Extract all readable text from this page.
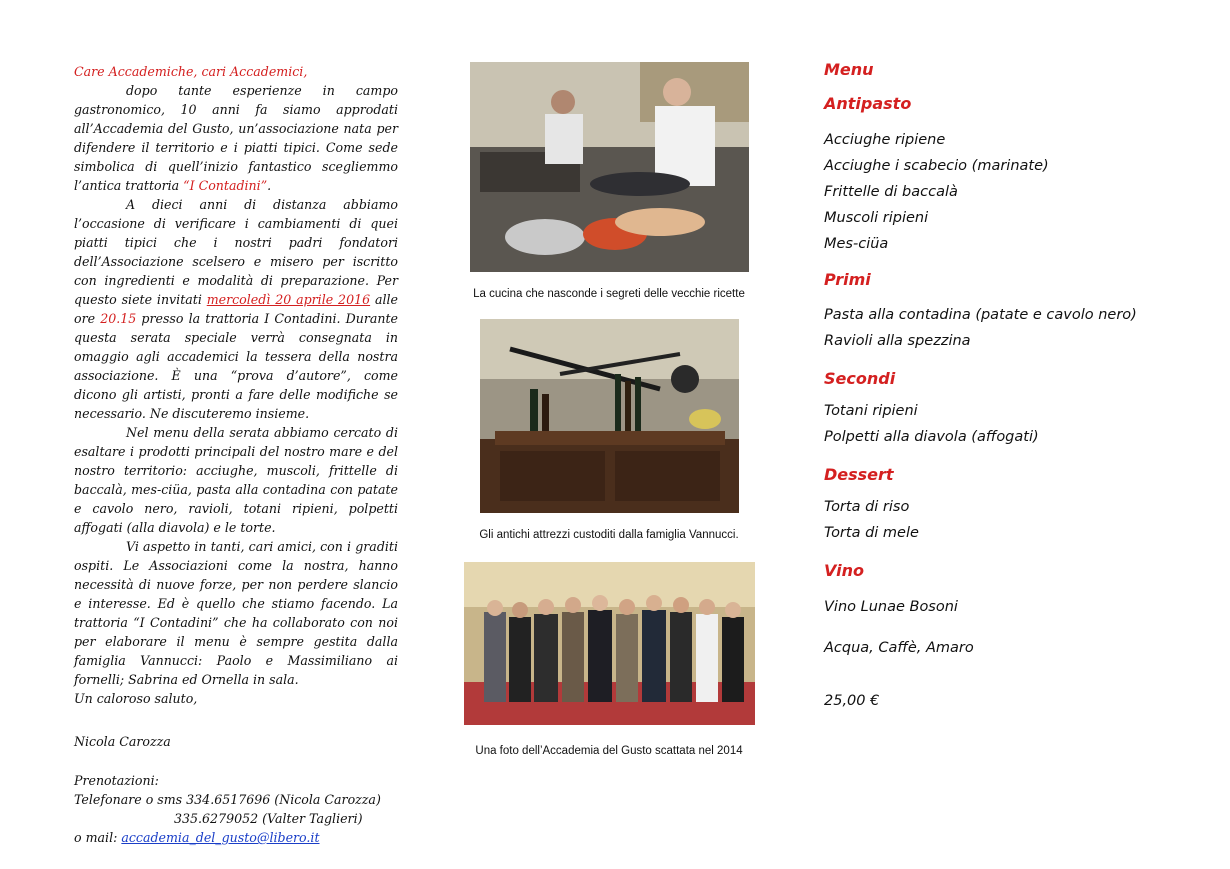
Care Accademiche, cari Accademici,

dopo tante esperienze in campo gastronomico, 10 anni fa siamo approdati all’Accademia del Gusto, un’associazione nata per difendere il territorio e i piatti tipici. Come sede simbolica di quell’inizio fantastico scegliemmo l’antica trattoria “I Contadini”.

A dieci anni di distanza abbiamo l’occasione di verificare i cambiamenti di quei piatti tipici che i nostri padri fondatori dell’Associazione scelsero e misero per iscritto con ingredienti e modalità di preparazione. Per questo siete invitati mercoledì 20 aprile 2016 alle ore 20.15 presso la trattoria I Contadini. Durante questa serata speciale verrà consegnata in omaggio agli accademici la tessera della nostra associazione. È una “prova d’autore”, come dicono gli artisti, pronti a fare delle modifiche se necessario. Ne discuteremo insieme.

Nel menu della serata abbiamo cercato di esaltare i prodotti principali del nostro mare e del nostro territorio: acciughe, muscoli, frittelle di baccalà, mes-ciüa, pasta alla contadina con patate e cavolo nero, ravioli, totani ripieni, polpetti affogati (alla diavola) e le torte.

Vi aspetto in tanti, cari amici, con i graditi ospiti. Le Associazioni come la nostra, hanno necessità di nuove forze, per non perdere slancio e interesse. Ed è quello che stiamo facendo. La trattoria “I Contadini” che ha collaborato con noi per elaborare il menu è sempre gestita dalla famiglia Vannucci: Paolo e Massimiliano ai fornelli; Sabrina ed Ornella in sala.

Un caloroso saluto,

Nicola Carozza

Prenotazioni:

Telefonare o sms 334.6517696 (Nicola Carozza)

335.6279052 (Valter Taglieri)

o mail: accademia_del_gusto@libero.it

La cucina che nasconde i segreti delle vecchie ricette
Gli antichi attrezzi custoditi dalla famiglia Vannucci.
Una foto dell’Accademia del Gusto scattata nel 2014

Menu

Antipasto

Acciughe ripiene
Acciughe i scabecio (marinate)
Frittelle di baccalà
Muscoli ripieni
Mes-ciüa

Primi

Pasta alla contadina (patate e cavolo nero)
Ravioli alla spezzina

Secondi

Totani ripieni
Polpetti alla diavola (affogati)

Dessert

Torta di riso
Torta di mele

Vino

Vino Lunae Bosoni

Acqua, Caffè, Amaro

25,00 €
